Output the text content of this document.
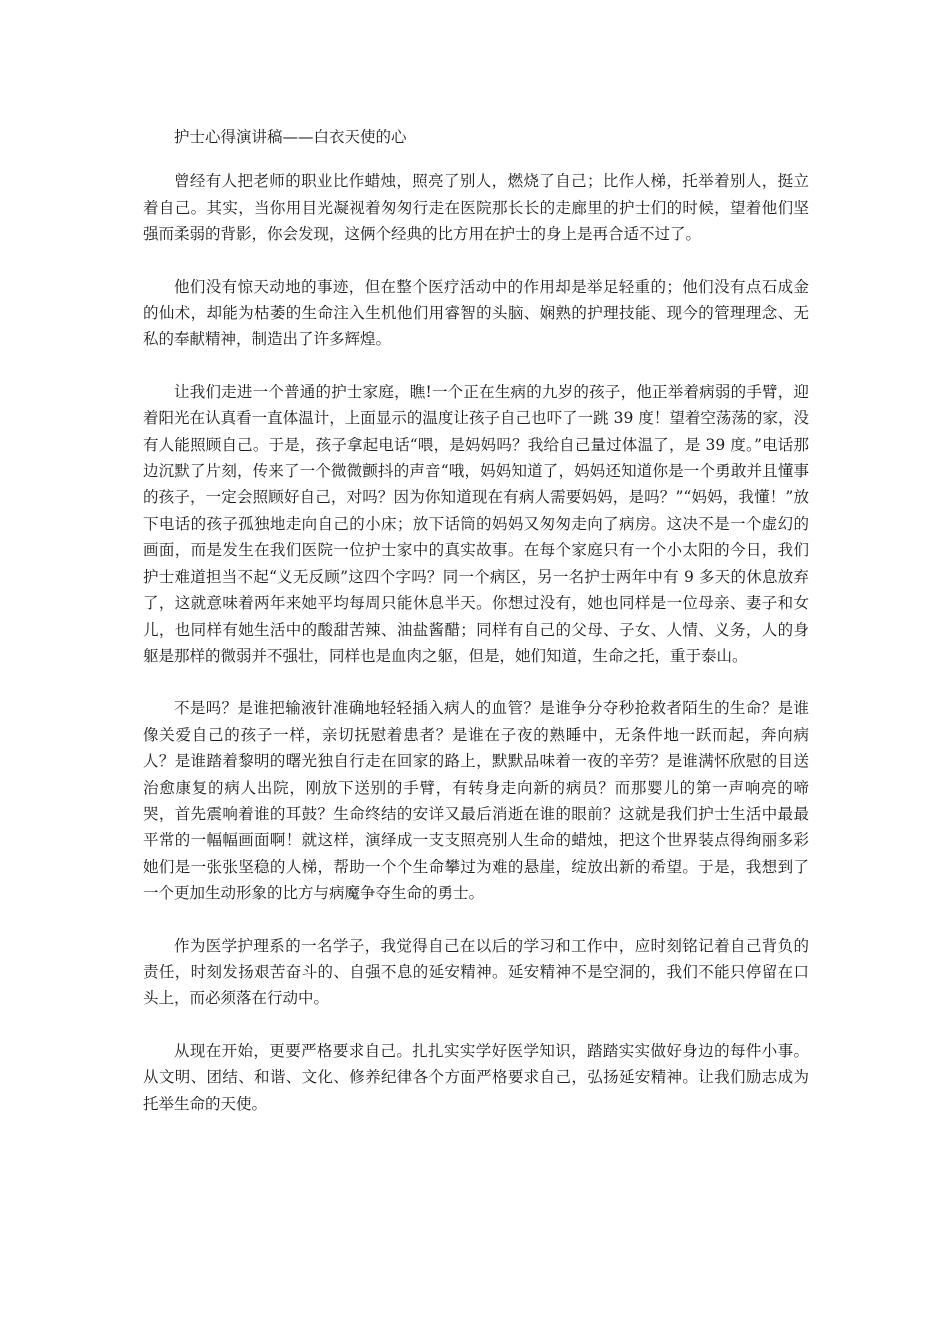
护士心得演讲稿——白衣天使的心

曾经有人把老师的职业比作蜡烛，照亮了别人，燃烧了自己；比作人梯，托举着别人，挺立着自己。其实，当你用目光凝视着匆匆行走在医院那长长的走廊里的护士们的时候，望着他们坚强而柔弱的背影，你会发现，这俩个经典的比方用在护士的身上是再合适不过了。

他们没有惊天动地的事迹，但在整个医疗活动中的作用却是举足轻重的；他们没有点石成金的仙术，却能为枯萎的生命注入生机他们用睿智的头脑、娴熟的护理技能、现今的管理理念、无私的奉献精神，制造出了许多辉煌。

让我们走进一个普通的护士家庭，瞧!一个正在生病的九岁的孩子，他正举着病弱的手臂，迎着阳光在认真看一直体温计，上面显示的温度让孩子自己也吓了一跳 39 度！望着空荡荡的家，没有人能照顾自己。于是，孩子拿起电话“喂，是妈妈吗？我给自己量过体温了，是 39 度。”电话那边沉默了片刻，传来了一个微微颤抖的声音“哦，妈妈知道了，妈妈还知道你是一个勇敢并且懂事的孩子，一定会照顾好自己，对吗？因为你知道现在有病人需要妈妈，是吗？”“妈妈，我懂！”放下电话的孩子孤独地走向自己的小床；放下话筒的妈妈又匆匆走向了病房。这决不是一个虚幻的画面，而是发生在我们医院一位护士家中的真实故事。在每个家庭只有一个小太阳的今日，我们护士难道担当不起“义无反顾”这四个字吗？同一个病区，另一名护士两年中有 9 多天的休息放弃了，这就意味着两年来她平均每周只能休息半天。你想过没有，她也同样是一位母亲、妻子和女儿，也同样有她生活中的酸甜苦辣、油盐酱醋；同样有自己的父母、子女、人情、义务，人的身躯是那样的微弱并不强壮，同样也是血肉之躯，但是，她们知道，生命之托，重于泰山。

不是吗？是谁把输液针准确地轻轻插入病人的血管？是谁争分夺秒抢救者陌生的生命？是谁像关爱自己的孩子一样，亲切抚慰着患者？是谁在子夜的熟睡中，无条件地一跃而起，奔向病人？是谁踏着黎明的曙光独自行走在回家的路上，默默品味着一夜的辛劳？是谁满怀欣慰的目送治愈康复的病人出院，刚放下送别的手臂，有转身走向新的病员？而那婴儿的第一声响亮的啼哭，首先震响着谁的耳鼓？生命终结的安详又最后消逝在谁的眼前？这就是我们护士生活中最最平常的一幅幅画面啊！就这样，演绎成一支支照亮别人生命的蜡烛，把这个世界装点得绚丽多彩她们是一张张坚稳的人梯，帮助一个个生命攀过为难的悬崖，绽放出新的希望。于是，我想到了一个更加生动形象的比方与病魔争夺生命的勇士。

作为医学护理系的一名学子，我觉得自己在以后的学习和工作中，应时刻铭记着自己背负的责任，时刻发扬艰苦奋斗的、自强不息的延安精神。延安精神不是空洞的，我们不能只停留在口头上，而必须落在行动中。

从现在开始，更要严格要求自己。扎扎实实学好医学知识，踏踏实实做好身边的每件小事。从文明、团结、和谐、文化、修养纪律各个方面严格要求自己，弘扬延安精神。让我们励志成为托举生命的天使。
